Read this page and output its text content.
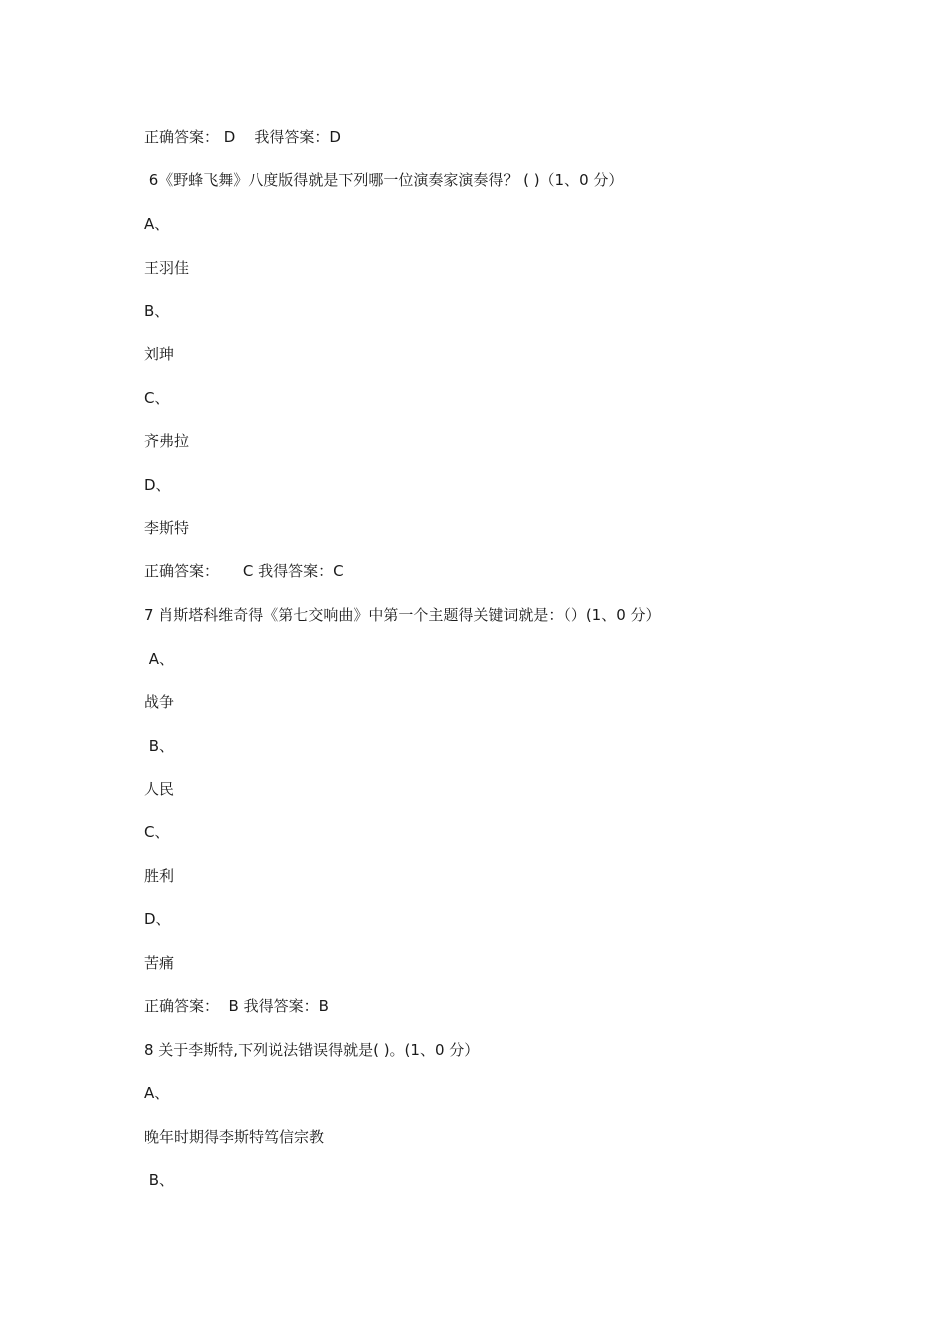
正确答案： D    我得答案：D
6《野蜂飞舞》八度版得就是下列哪一位演奏家演奏得？ ( )（1、0 分）
A、
王羽佳
B、
刘珅
C、
齐弗拉
D、
李斯特
正确答案：     C 我得答案：C
7 肖斯塔科维奇得《第七交响曲》中第一个主题得关键词就是：（）(1、0 分）
A、
战争
B、
人民
C、
胜利
D、
苦痛
正确答案：  B 我得答案：B
8 关于李斯特,下列说法错误得就是( )。(1、0 分）
A、
晚年时期得李斯特笃信宗教
B、
